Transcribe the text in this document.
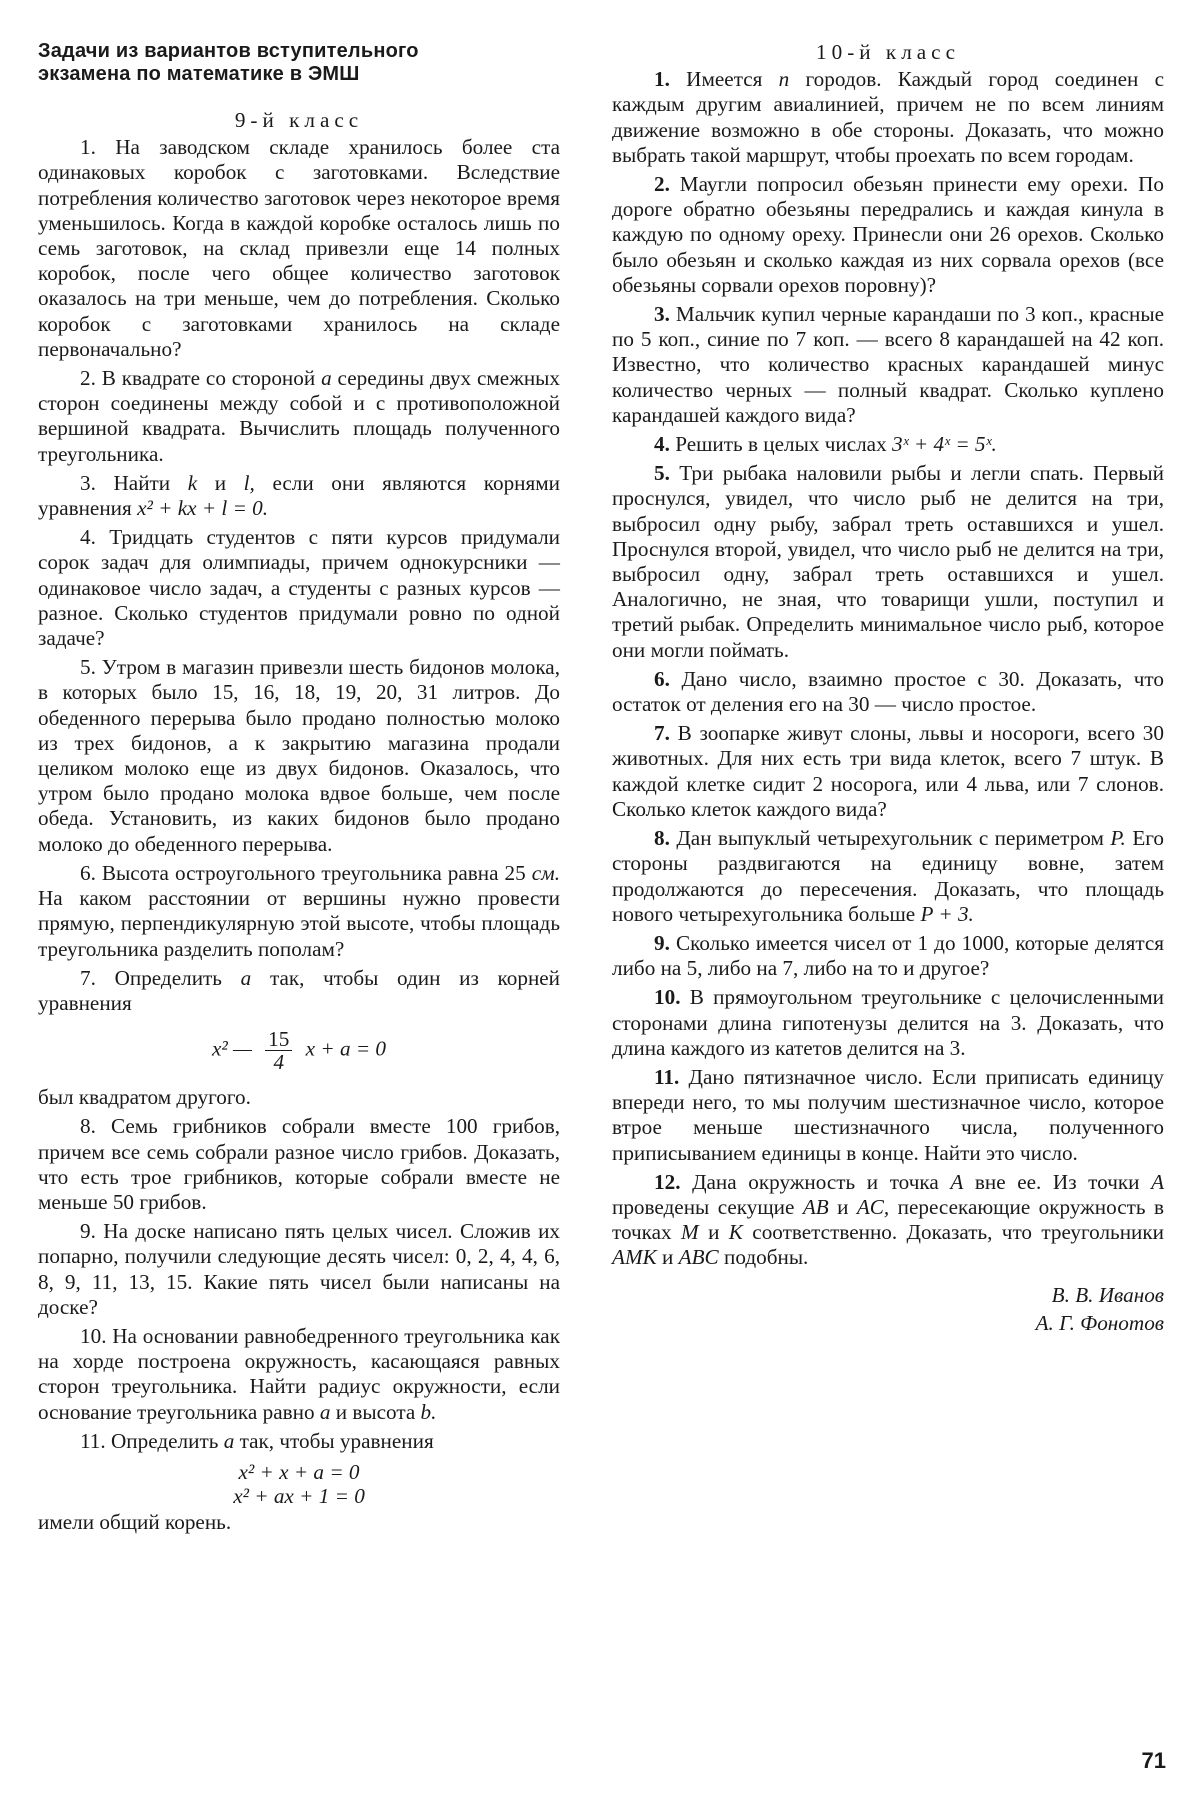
Задачи из вариантов вступительного
экзамена по математике в ЭМШ
9-й класс

1. На заводском складе хранилось более ста одинаковых коробок с заготовками. Вследствие потребления количество заготовок через некоторое время уменьшилось. Когда в каждой коробке осталось лишь по семь заготовок, на склад привезли еще 14 полных коробок, после чего общее количество заготовок оказалось на три меньше, чем до потребления. Сколько коробок с заготовками хранилось на складе первоначально?

2. В квадрате со стороной a середины двух смежных сторон соединены между собой и с противоположной вершиной квадрата. Вычислить площадь полученного треугольника.

3. Найти k и l, если они являются корнями уравнения x² + kx + l = 0.

4. Тридцать студентов с пяти курсов придумали сорок задач для олимпиады, причем однокурсники — одинаковое число задач, а студенты с разных курсов — разное. Сколько студентов придумали ровно по одной задаче?

5. Утром в магазин привезли шесть бидонов молока, в которых было 15, 16, 18, 19, 20, 31 литров. До обеденного перерыва было продано полностью молоко из трех бидонов, а к закрытию магазина продали целиком молоко еще из двух бидонов. Оказалось, что утром было продано молока вдвое больше, чем после обеда. Установить, из каких бидонов было продано молоко до обеденного перерыва.

6. Высота остроугольного треугольника равна 25 см. На каком расстоянии от вершины нужно провести прямую, перпендикулярную этой высоте, чтобы площадь треугольника разделить пополам?

7. Определить a так, чтобы один из корней уравнения

x² — $\frac{15}{4}$ x + a = 0

был квадратом другого.

8. Семь грибников собрали вместе 100 грибов, причем все семь собрали разное число грибов. Доказать, что есть трое грибников, которые собрали вместе не меньше 50 грибов.

9. На доске написано пять целых чисел. Сложив их попарно, получили следующие десять чисел: 0, 2, 4, 4, 6, 8, 9, 11, 13, 15. Какие пять чисел были написаны на доске?

10. На основании равнобедренного треугольника как на хорде построена окружность, касающаяся равных сторон треугольника. Найти радиус окружности, если основание треугольника равно a и высота b.

11. Определить a так, чтобы уравнения

x² + x + a = 0
x² + ax + 1 = 0

имели общий корень.

10-й класс

1. Имеется n городов. Каждый город соединен с каждым другим авиалинией, причем не по всем линиям движение возможно в обе стороны. Доказать, что можно выбрать такой маршрут, чтобы проехать по всем городам.

2. Маугли попросил обезьян принести ему орехи. По дороге обратно обезьяны передрались и каждая кинула в каждую по одному ореху. Принесли они 26 орехов. Сколько было обезьян и сколько каждая из них сорвала орехов (все обезьяны сорвали орехов поровну)?

3. Мальчик купил черные карандаши по 3 коп., красные по 5 коп., синие по 7 коп. — всего 8 карандашей на 42 коп. Известно, что количество красных карандашей минус количество черных — полный квадрат. Сколько куплено карандашей каждого вида?

4. Решить в целых числах 3ˣ + 4ˣ = 5ˣ.

5. Три рыбака наловили рыбы и легли спать. Первый проснулся, увидел, что число рыб не делится на три, выбросил одну рыбу, забрал треть оставшихся и ушел. Проснулся второй, увидел, что число рыб не делится на три, выбросил одну, забрал треть оставшихся и ушел. Аналогично, не зная, что товарищи ушли, поступил и третий рыбак. Определить минимальное число рыб, которое они могли поймать.

6. Дано число, взаимно простое с 30. Доказать, что остаток от деления его на 30 — число простое.

7. В зоопарке живут слоны, львы и носороги, всего 30 животных. Для них есть три вида клеток, всего 7 штук. В каждой клетке сидит 2 носорога, или 4 льва, или 7 слонов. Сколько клеток каждого вида?

8. Дан выпуклый четырехугольник с периметром P. Его стороны раздвигаются на единицу вовне, затем продолжаются до пересечения. Доказать, что площадь нового четырехугольника больше P + 3.

9. Сколько имеется чисел от 1 до 1000, которые делятся либо на 5, либо на 7, либо на то и другое?

10. В прямоугольном треугольнике с целочисленными сторонами длина гипотенузы делится на 3. Доказать, что длина каждого из катетов делится на 3.

11. Дано пятизначное число. Если приписать единицу впереди него, то мы получим шестизначное число, которое втрое меньше шестизначного числа, полученного приписыванием единицы в конце. Найти это число.

12. Дана окружность и точка A вне ее. Из точки A проведены секущие AB и AC, пересекающие окружность в точках M и K соответственно. Доказать, что треугольники AMK и ABC подобны.

В. В. Иванов
А. Г. Фонотов
71
